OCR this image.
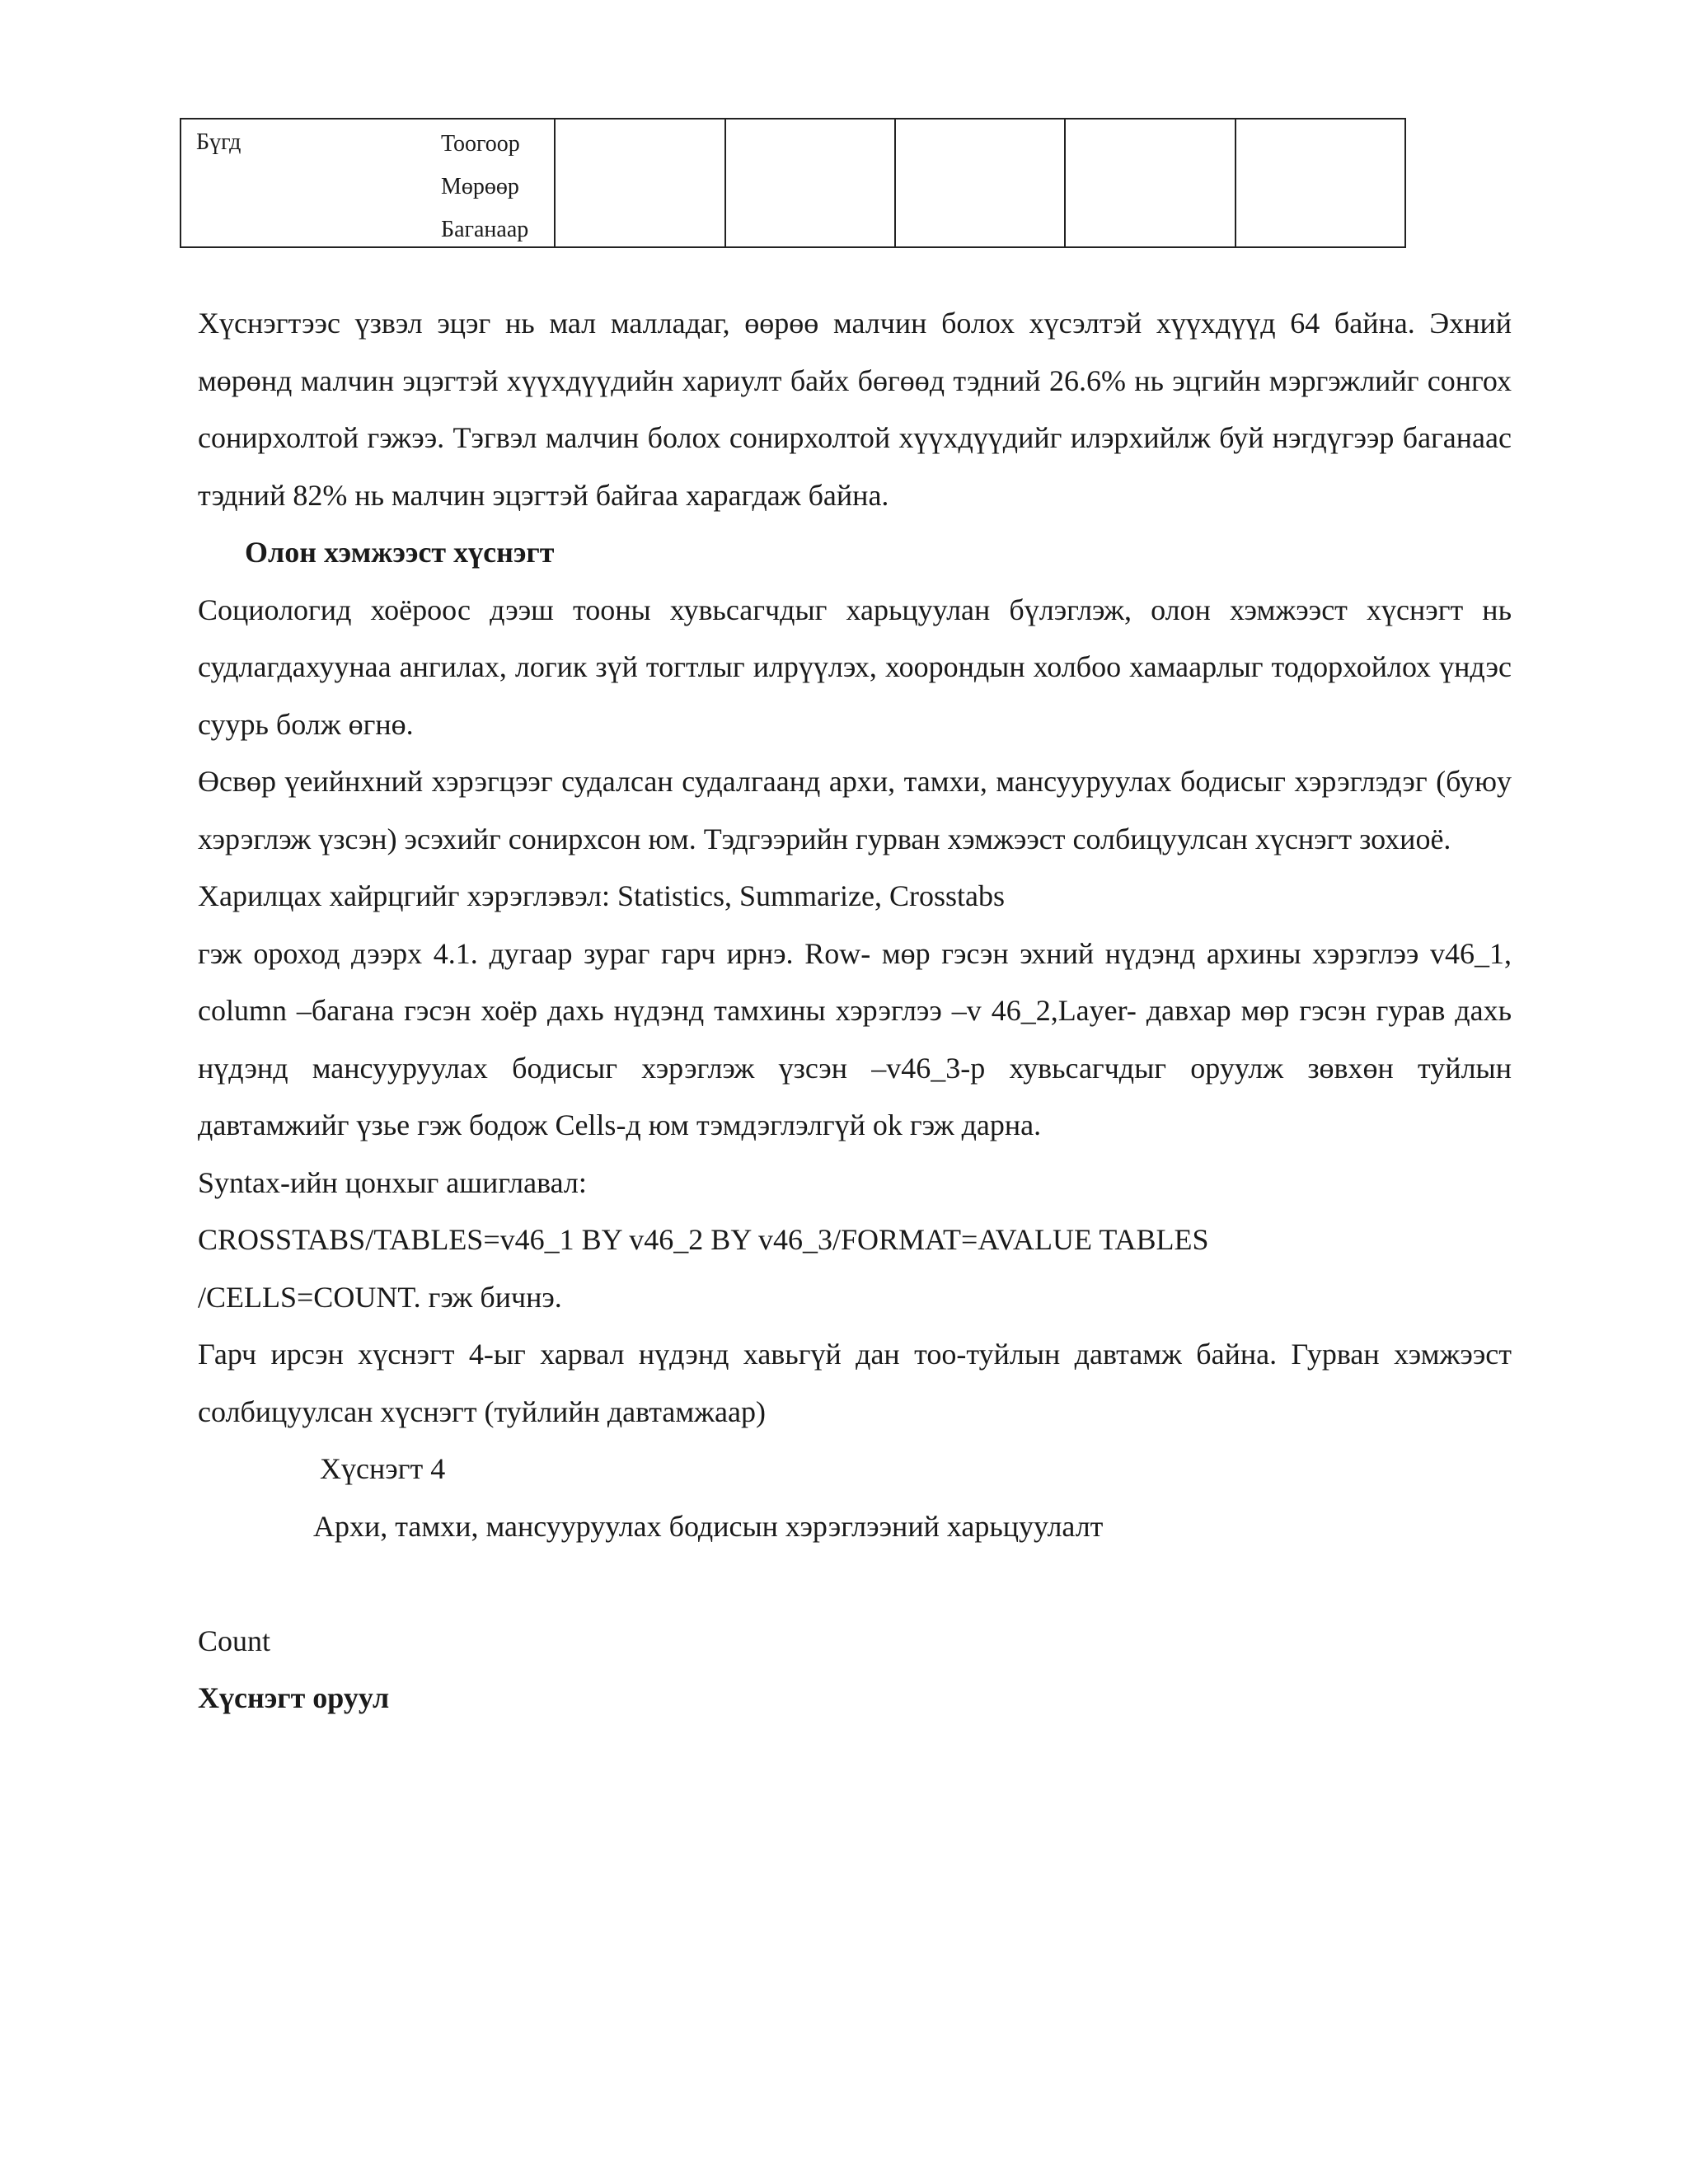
Бүгд	Тоогоор
Мөрөөр
Баганаар

Хүснэгтээс үзвэл эцэг нь мал малладаг, өөрөө малчин болох хүсэлтэй хүүхдүүд 64 байна. Эхний мөрөнд малчин эцэгтэй хүүхдүүдийн хариулт байх бөгөөд тэдний 26.6% нь эцгийн мэргэжлийг сонгох сонирхолтой гэжээ. Тэгвэл малчин болох сонирхолтой хүүхдүүдийг илэрхийлж буй нэгдүгээр баганаас тэдний 82% нь малчин эцэгтэй байгаа харагдаж байна.

Олон хэмжээст хүснэгт

Социологид хоёроос дээш тооны хувьсагчдыг харьцуулан бүлэглэж, олон хэмжээст хүснэгт нь судлагдахуунаа ангилах, логик зүй тогтлыг илрүүлэх, хоорондын холбоо хамаарлыг тодорхойлох үндэс суурь болж өгнө.

Өсвөр үеийнхний хэрэгцээг судалсан судалгаанд архи, тамхи, мансууруулах бодисыг хэрэглэдэг (буюу хэрэглэж үзсэн) эсэхийг сонирхсон юм. Тэдгээрийн гурван хэмжээст солбицуулсан хүснэгт зохиоё.

Харилцах хайрцгийг хэрэглэвэл: Statistics, Summarize, Crosstabs

гэж ороход дээрх 4.1. дугаар зураг гарч ирнэ. Row- мөр гэсэн эхний нүдэнд архины хэрэглээ v46_1, column –багана гэсэн хоёр дахь нүдэнд тамхины хэрэглээ –v 46_2,Layer- давхар мөр гэсэн гурав дахь нүдэнд мансууруулах бодисыг хэрэглэж үзсэн –v46_3-р хувьсагчдыг оруулж зөвхөн туйлын давтамжийг үзье гэж бодож Cells-д юм тэмдэглэлгүй ok гэж дарна.

Syntax-ийн цонхыг ашиглавал:

CROSSTABS/TABLES=v46_1 BY v46_2 BY v46_3/FORMAT=AVALUE TABLES

/CELLS=COUNT. гэж бичнэ.

Гарч ирсэн хүснэгт 4-ыг харвал нүдэнд хавьгүй дан тоо-туйлын давтамж байна. Гурван хэмжээст солбицуулсан хүснэгт (туйлийн давтамжаар)

Хүснэгт 4

Архи, тамхи, мансууруулах бодисын хэрэглээний харьцуулалт

Count

Хүснэгт оруул
